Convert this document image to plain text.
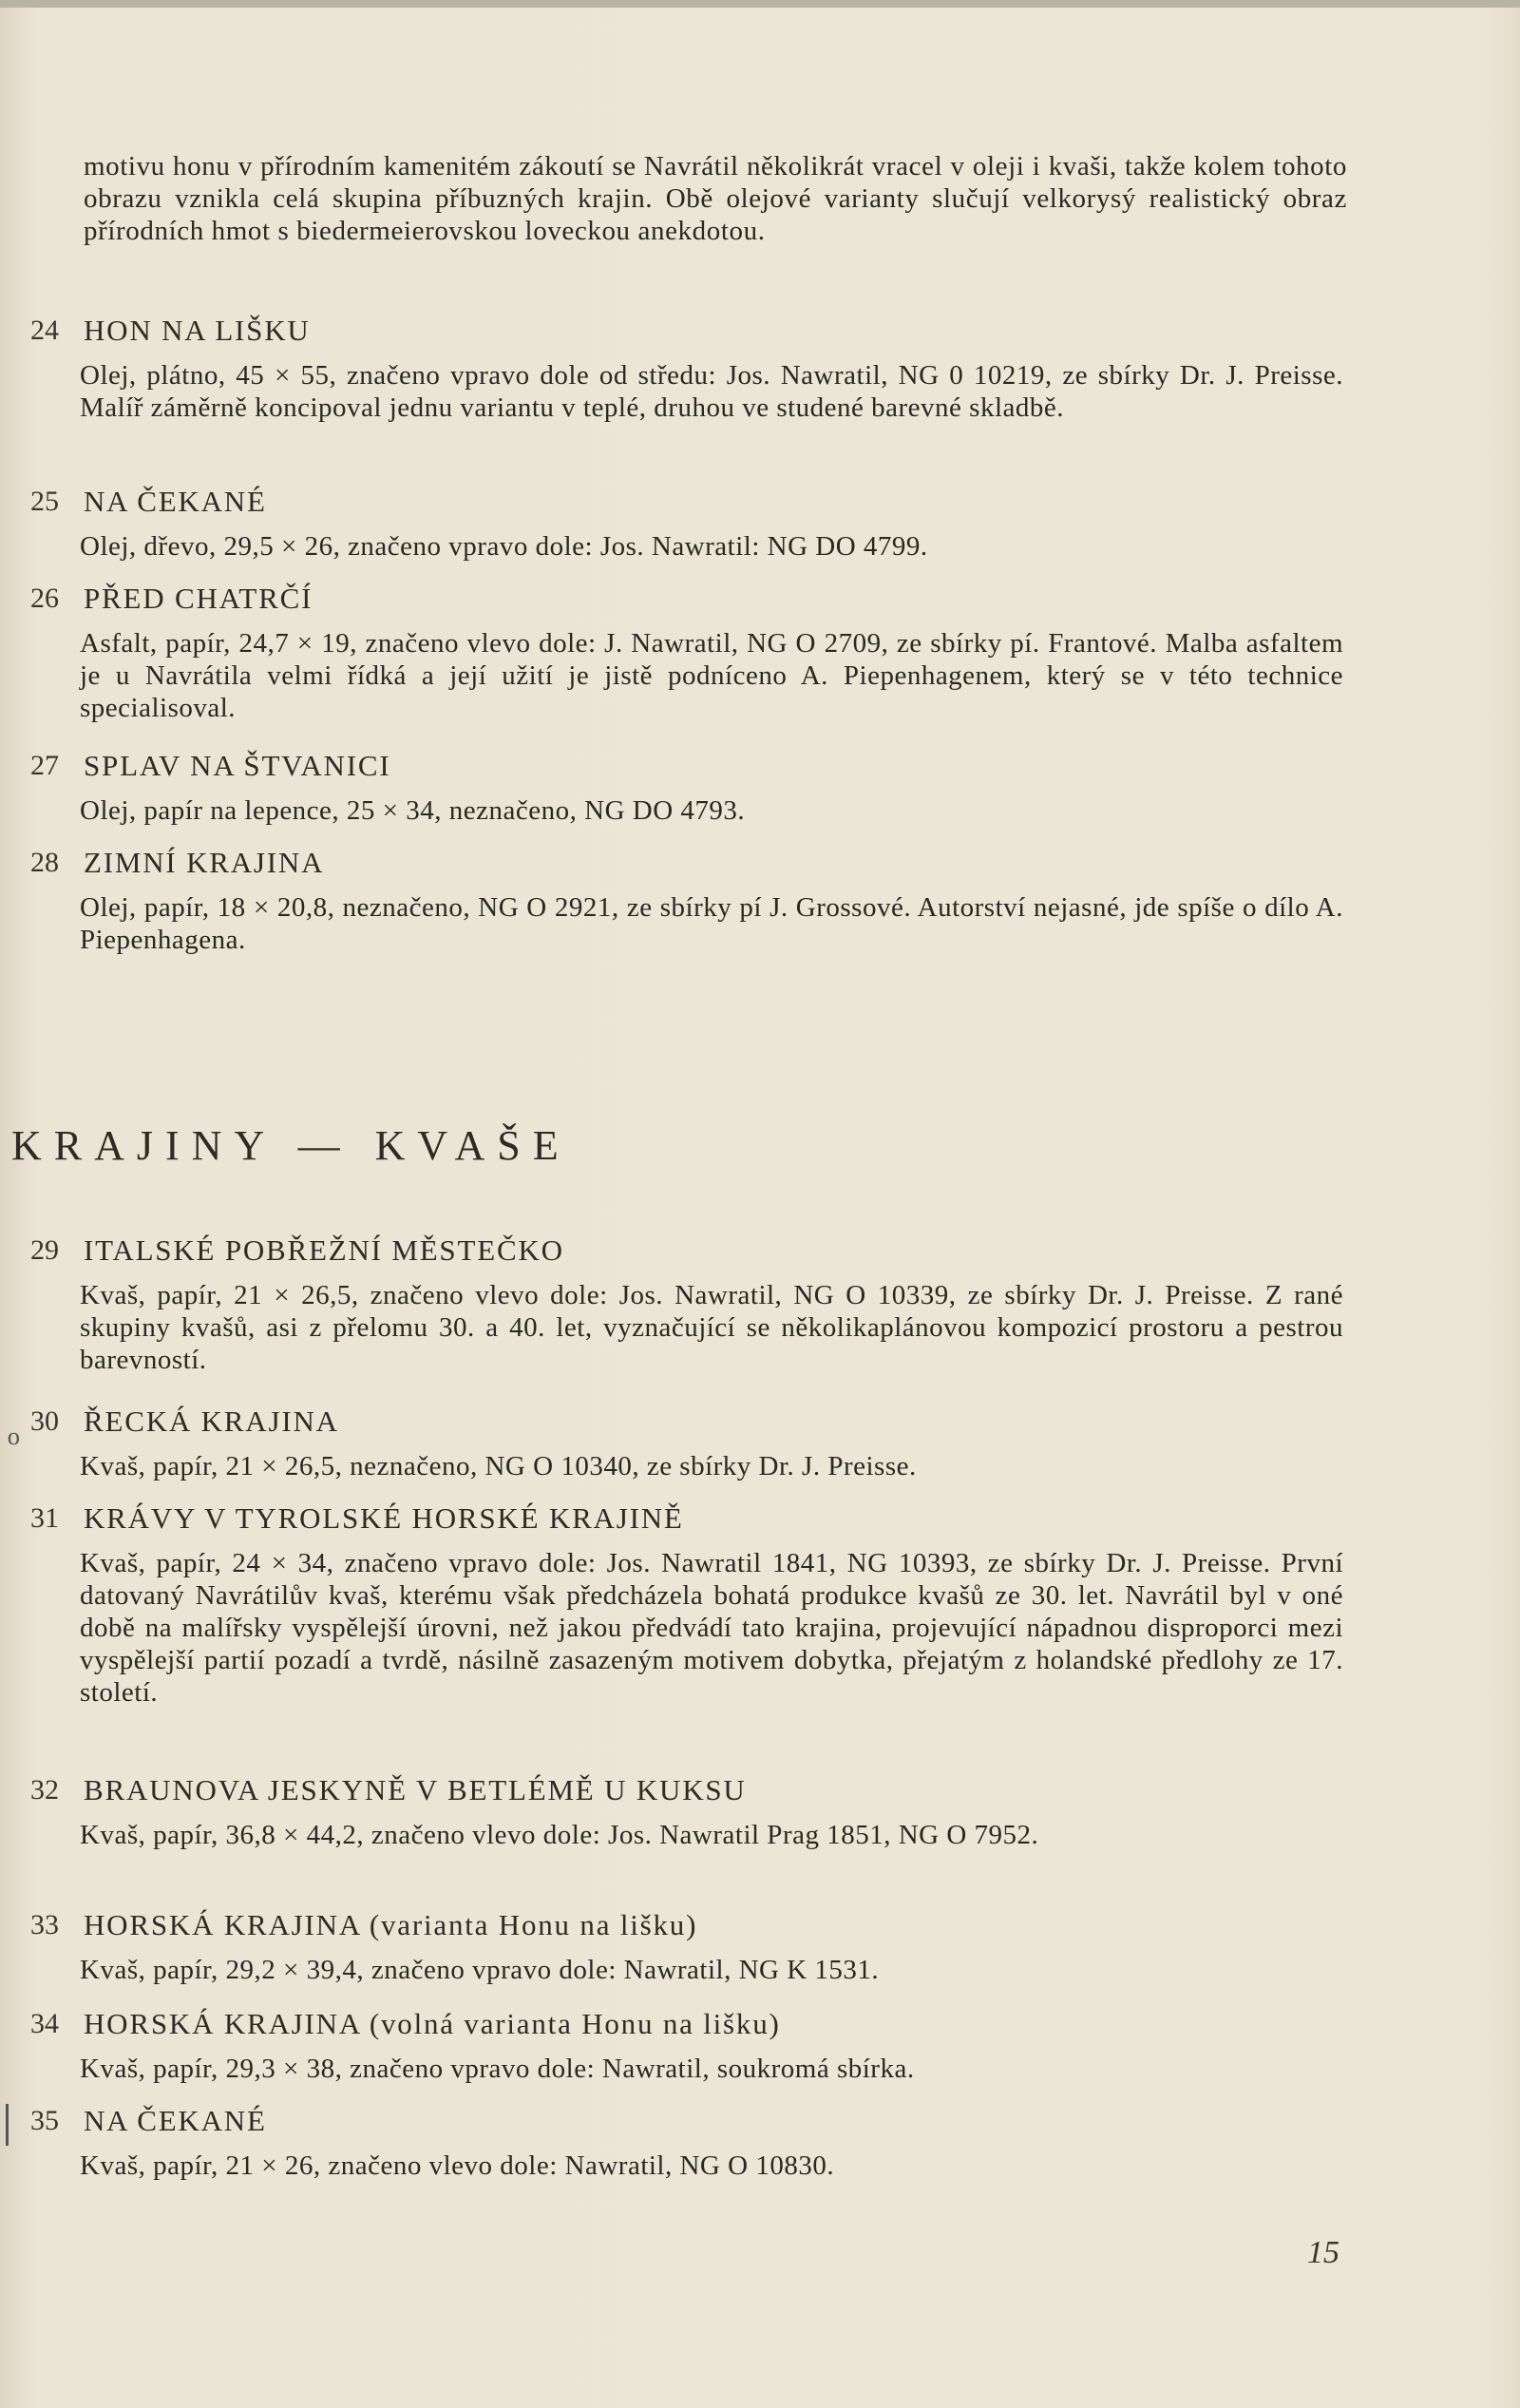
motivu honu v přírodním kamenitém zákoutí se Navrátil několikrát vracel v oleji i kvaši, takže kolem tohoto obrazu vznikla celá skupina příbuzných krajin. Obě olejové varianty slučují velkorysý realistický obraz přírodních hmot s biedermeierovskou loveckou anekdotou.
24 HON NA LIŠKU
Olej, plátno, 45 × 55, značeno vpravo dole od středu: Jos. Nawratil, NG 0 10219, ze sbírky Dr. J. Preisse. Malíř záměrně koncipoval jednu variantu v teplé, druhou ve studené barevné skladbě.
25 NA ČEKANÉ
Olej, dřevo, 29,5 × 26, značeno vpravo dole: Jos. Nawratil: NG DO 4799.
26 PŘED CHATRČÍ
Asfalt, papír, 24,7 × 19, značeno vlevo dole: J. Nawratil, NG O 2709, ze sbírky pí. Frantové. Malba asfaltem je u Navrátila velmi řídká a její užití je jistě podníceno A. Piepenhagenem, který se v této technice specialisoval.
27 SPLAV NA ŠTVANICI
Olej, papír na lepence, 25 × 34, neznačeno, NG DO 4793.
28 ZIMNÍ KRAJINA
Olej, papír, 18 × 20,8, neznačeno, NG O 2921, ze sbírky pí J. Grossové. Autorství nejasné, jde spíše o dílo A. Piepenhagena.
KRAJINY — KVAŠE
29 ITALSKÉ POBŘEŽNÍ MĚSTEČKO
Kvaš, papír, 21 × 26,5, značeno vlevo dole: Jos. Nawratil, NG O 10339, ze sbírky Dr. J. Preisse. Z rané skupiny kvašů, asi z přelomu 30. a 40. let, vyznačující se několikaplánovou kompozicí prostoru a pestrou barevností.
ₒ 30 ŘECKÁ KRAJINA
Kvaš, papír, 21 × 26,5, neznačeno, NG O 10340, ze sbírky Dr. J. Preisse.
31 KRÁVY V TYROLSKÉ HORSKÉ KRAJINĚ
Kvaš, papír, 24 × 34, značeno vpravo dole: Jos. Nawratil 1841, NG 10393, ze sbírky Dr. J. Preisse. První datovaný Navrátilův kvaš, kterému však předcházela bohatá produkce kvašů ze 30. let. Navrátil byl v oné době na malířsky vyspělejší úrovni, než jakou předvádí tato krajina, projevující nápadnou disproporci mezi vyspělejší partií pozadí a tvrdě, násilně zasazeným motivem dobytka, přejatým z holandské předlohy ze 17. století.
32 BRAUNOVA JESKYNĚ V BETLÉMĚ U KUKSU
Kvaš, papír, 36,8 × 44,2, značeno vlevo dole: Jos. Nawratil Prag 1851, NG O 7952.
33 HORSKÁ KRAJINA (varianta Honu na lišku)
Kvaš, papír, 29,2 × 39,4, značeno vpravo dole: Nawratil, NG K 1531.
34 HORSKÁ KRAJINA (volná varianta Honu na lišku)
Kvaš, papír, 29,3 × 38, značeno vpravo dole: Nawratil, soukromá sbírka.
35 NA ČEKANÉ
Kvaš, papír, 21 × 26, značeno vlevo dole: Nawratil, NG O 10830.
15
